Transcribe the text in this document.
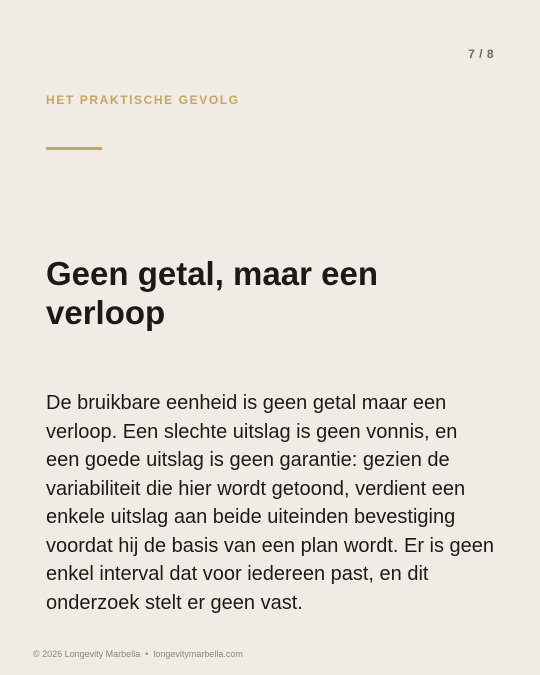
7 / 8
HET PRAKTISCHE GEVOLG
Geen getal, maar een verloop

De bruikbare eenheid is geen getal maar een verloop. Een slechte uitslag is geen vonnis, en een goede uitslag is geen garantie: gezien de variabiliteit die hier wordt getoond, verdient een enkele uitslag aan beide uiteinden bevestiging voordat hij de basis van een plan wordt. Er is geen enkel interval dat voor iedereen past, en dit onderzoek stelt er geen vast.

© 2026 Longevity Marbella • longevitymarbella.com
